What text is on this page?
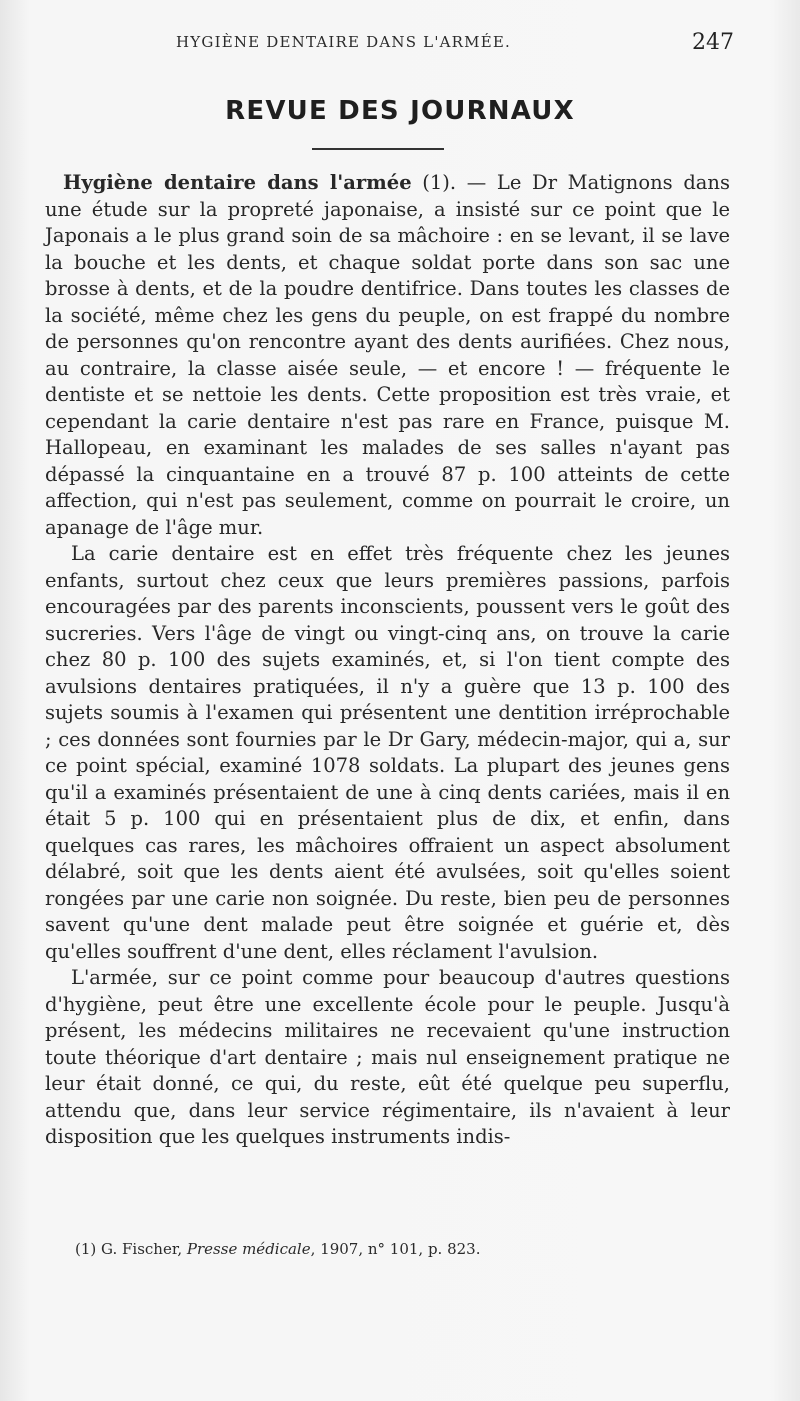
HYGIÈNE DENTAIRE DANS L'ARMÉE.	247
REVUE DES JOURNAUX

Hygiène dentaire dans l'armée (1). — Le Dr Matignons dans une étude sur la propreté japonaise, a insisté sur ce point que le Japonais a le plus grand soin de sa mâchoire : en se levant, il se lave la bouche et les dents, et chaque soldat porte dans son sac une brosse à dents, et de la poudre dentifrice. Dans toutes les classes de la société, même chez les gens du peuple, on est frappé du nombre de personnes qu'on rencontre ayant des dents aurifiées. Chez nous, au contraire, la classe aisée seule, — et encore ! — fréquente le dentiste et se nettoie les dents. Cette proposition est très vraie, et cependant la carie dentaire n'est pas rare en France, puisque M. Hallopeau, en examinant les malades de ses salles n'ayant pas dépassé la cinquantaine en a trouvé 87 p. 100 atteints de cette affection, qui n'est pas seulement, comme on pourrait le croire, un apanage de l'âge mur.

La carie dentaire est en effet très fréquente chez les jeunes enfants, surtout chez ceux que leurs premières passions, parfois encouragées par des parents inconscients, poussent vers le goût des sucreries. Vers l'âge de vingt ou vingt-cinq ans, on trouve la carie chez 80 p. 100 des sujets examinés, et, si l'on tient compte des avulsions dentaires pratiquées, il n'y a guère que 13 p. 100 des sujets soumis à l'examen qui présentent une dentition irréprochable ; ces données sont fournies par le Dr Gary, médecin-major, qui a, sur ce point spécial, examiné 1078 soldats. La plupart des jeunes gens qu'il a examinés présentaient de une à cinq dents cariées, mais il en était 5 p. 100 qui en présentaient plus de dix, et enfin, dans quelques cas rares, les mâchoires offraient un aspect absolument délabré, soit que les dents aient été avulsées, soit qu'elles soient rongées par une carie non soignée. Du reste, bien peu de personnes savent qu'une dent malade peut être soignée et guérie et, dès qu'elles souffrent d'une dent, elles réclament l'avulsion.

L'armée, sur ce point comme pour beaucoup d'autres questions d'hygiène, peut être une excellente école pour le peuple. Jusqu'à présent, les médecins militaires ne recevaient qu'une instruction toute théorique d'art dentaire ; mais nul enseignement pratique ne leur était donné, ce qui, du reste, eût été quelque peu superflu, attendu que, dans leur service régimentaire, ils n'avaient à leur disposition que les quelques instruments indis-

(1) G. Fischer, Presse médicale, 1907, n° 101, p. 823.
